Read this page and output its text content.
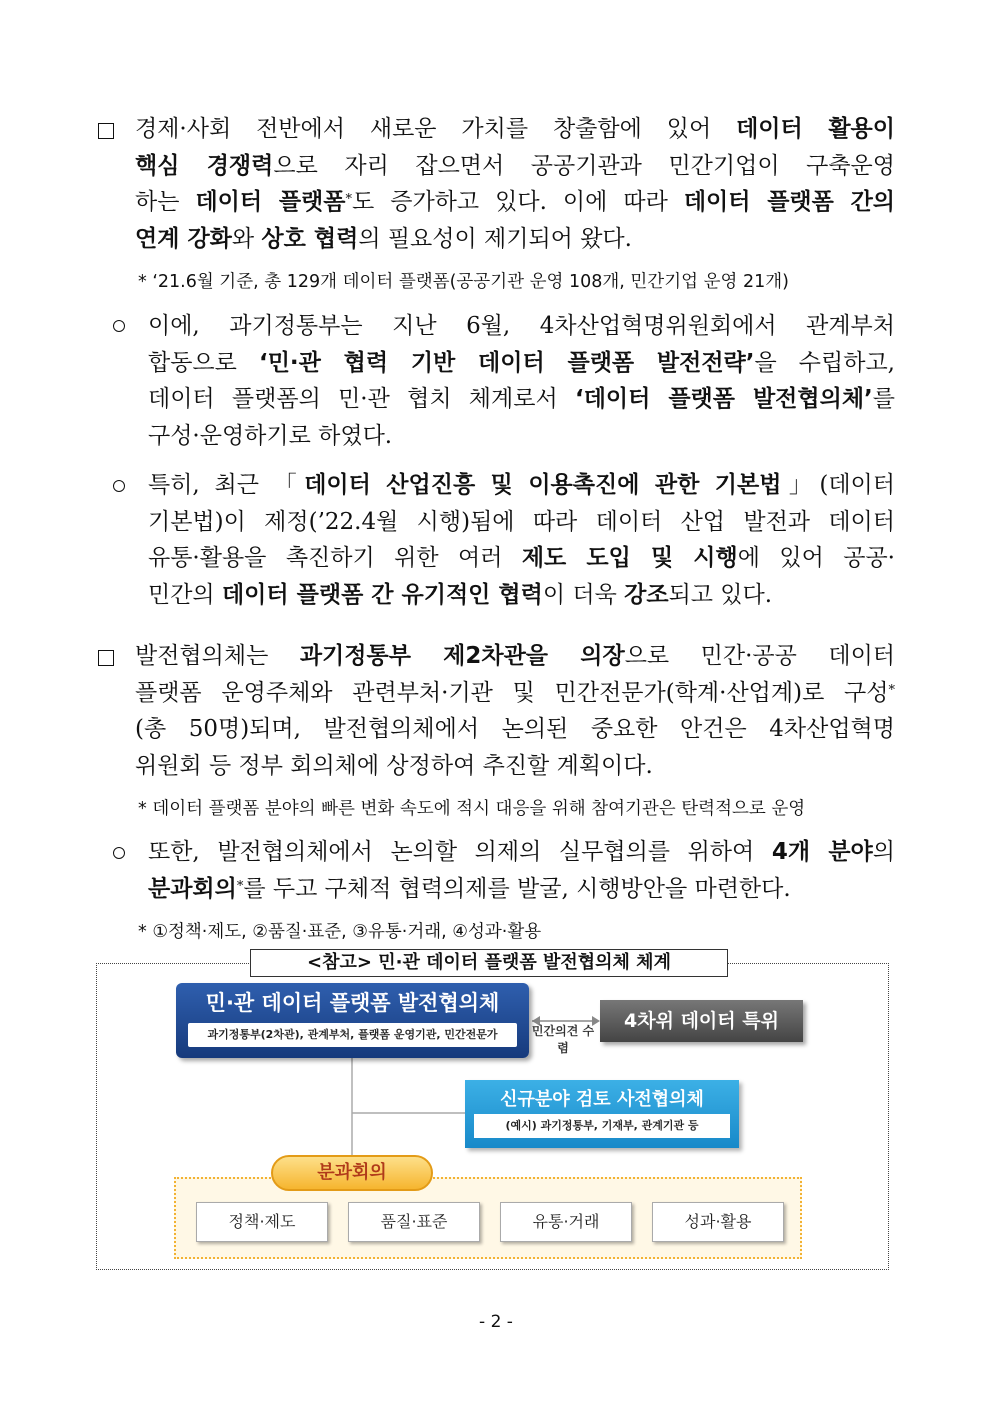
경제·사회 전반에서 새로운 가치를 창출함에 있어 데이터 활용이
핵심 경쟁력으로 자리 잡으면서 공공기관과 민간기업이 구축운영
하는 데이터 플랫폼*도 증가하고 있다. 이에 따라 데이터 플랫폼 간의
연계 강화와 상호 협력의 필요성이 제기되어 왔다.
* ‘21.6월 기준, 총 129개 데이터 플랫폼(공공기관 운영 108개, 민간기업 운영 21개)
이에, 과기정통부는 지난 6월, 4차산업혁명위원회에서 관계부처
합동으로 ‘민·관 협력 기반 데이터 플랫폼 발전전략’을 수립하고,
데이터 플랫폼의 민·관 협치 체계로서 ‘데이터 플랫폼 발전협의체’를
구성·운영하기로 하였다.
특히, 최근 「데이터 산업진흥 및 이용촉진에 관한 기본법」(데이터
기본법)이 제정(’22.4월 시행)됨에 따라 데이터 산업 발전과 데이터
유통·활용을 촉진하기 위한 여러 제도 도입 및 시행에 있어 공공·
민간의 데이터 플랫폼 간 유기적인 협력이 더욱 강조되고 있다.
발전협의체는 과기정통부 제2차관을 의장으로 민간·공공 데이터
플랫폼 운영주체와 관련부처·기관 및 민간전문가(학계·산업계)로 구성*
(총 50명)되며, 발전협의체에서 논의된 중요한 안건은 4차산업혁명
위원회 등 정부 회의체에 상정하여 추진할 계획이다.
* 데이터 플랫폼 분야의 빠른 변화 속도에 적시 대응을 위해 참여기관은 탄력적으로 운영
또한, 발전협의체에서 논의할 의제의 실무협의를 위하여 4개 분야의
분과회의*를 두고 구체적 협력의제를 발굴, 시행방안을 마련한다.
* ①정책·제도, ②품질·표준, ③유통·거래, ④성과·활용
<참고> 민·관 데이터 플랫폼 발전협의체 체계
민·관 데이터 플랫폼 발전협의체
과기정통부(2차관), 관계부처, 플랫폼 운영기관, 민간전문가	민간의견 수렴
4차위 데이터 특위
신규분야 검토 사전협의체
(예시) 과기정통부, 기재부, 관계기관 등
분과회의
정책·제도	품질·표준	유통·거래	성과·활용
- 2 -
